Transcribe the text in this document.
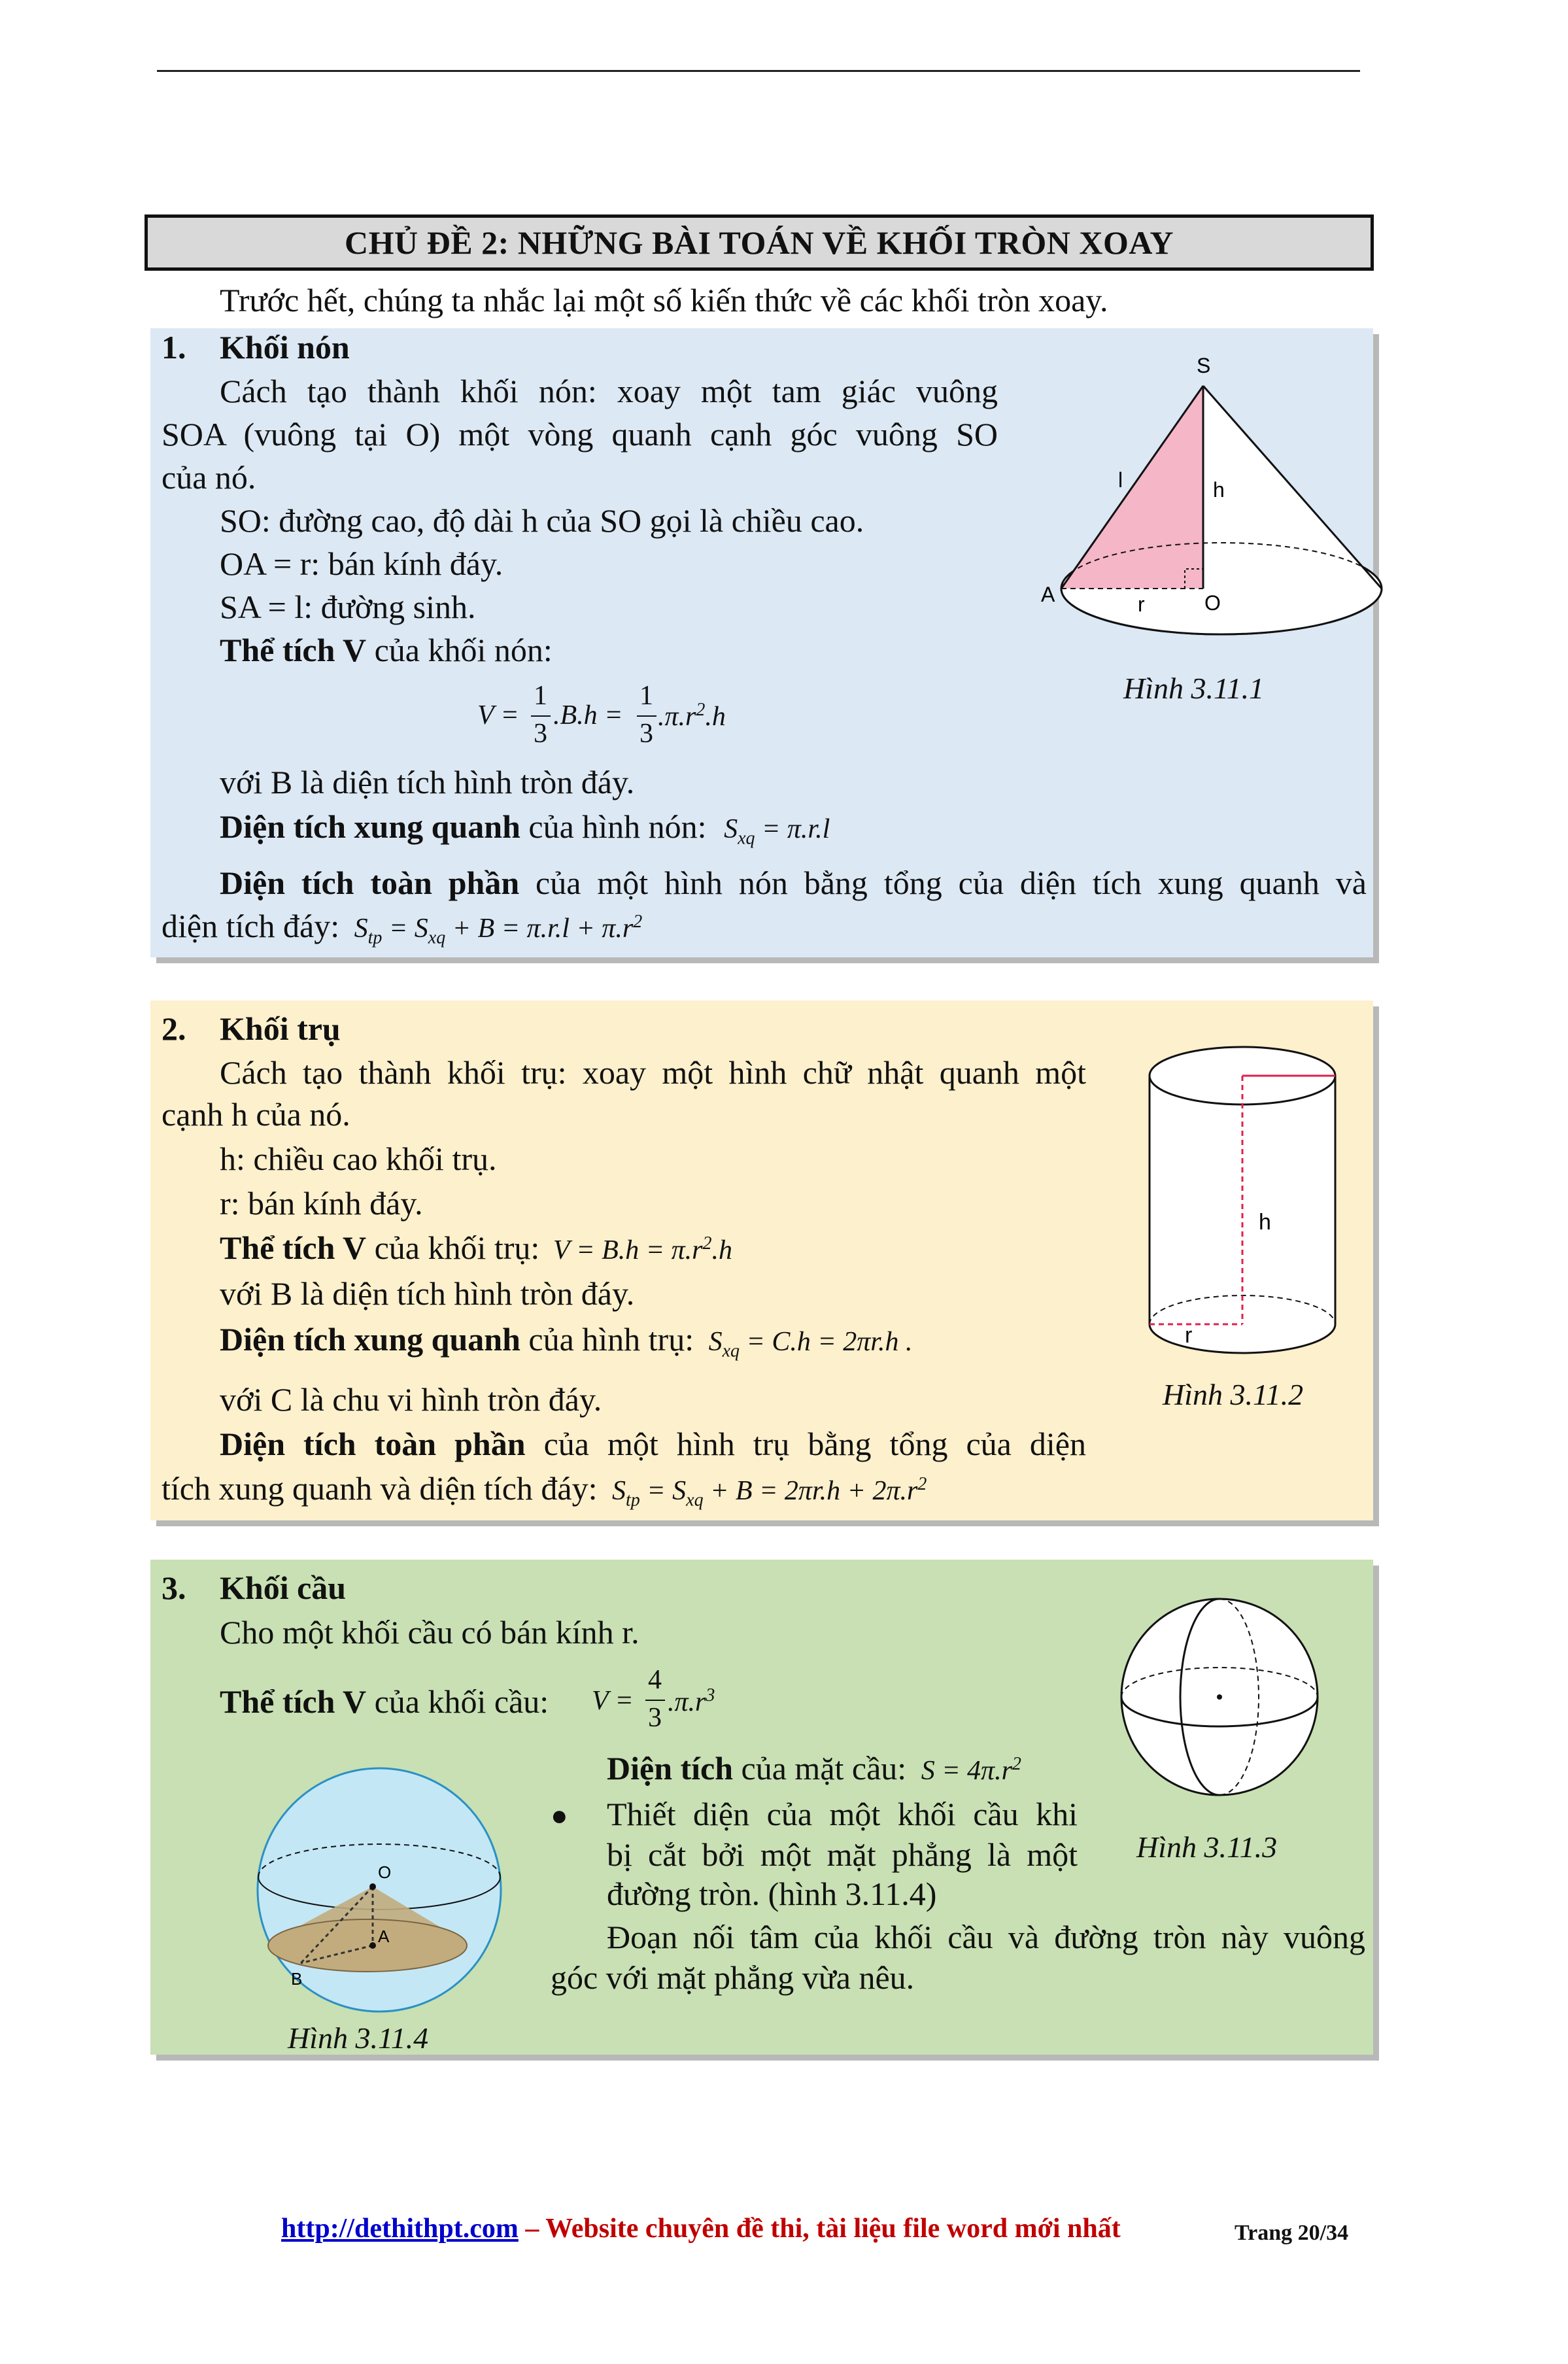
CHỦ ĐỀ 2: NHỮNG BÀI TOÁN VỀ KHỐI TRÒN XOAY
Trước hết, chúng ta nhắc lại một số kiến thức về các khối tròn xoay.
1. Khối nón
Cách tạo thành khối nón: xoay một tam giác vuông
SOA (vuông tại O) một vòng quanh cạnh góc vuông SO
của nó.
SO: đường cao, độ dài h của SO gọi là chiều cao.
OA = r: bán kính đáy.
SA = l: đường sinh.
Thể tích V của khối nón:
V =
1
3
.B.h =
1
3
$.\pi.r^2.h$
với B là diện tích hình tròn đáy.
Diện tích xung quanh của hình nón: $S_{xq} = \pi.r.l$
Diện tích toàn phần của một hình nón bằng tổng của diện tích xung quanh và
diện tích đáy: $S_{tp} = S_{xq} + B = \pi.r.l + \pi.r^2$
S
l	h
A	r	O
Hình 3.11.1
2. Khối trụ
Cách tạo thành khối trụ: xoay một hình chữ nhật quanh một
cạnh h của nó.
h: chiều cao khối trụ.
r: bán kính đáy.
Thể tích V của khối trụ: $V = B.h = \pi.r^2.h$
với B là diện tích hình tròn đáy.
Diện tích xung quanh của hình trụ: $S_{xq} = C.h = 2\pi r.h$ .
với C là chu vi hình tròn đáy.
Diện tích toàn phần của một hình trụ bằng tổng của diện
tích xung quanh và diện tích đáy: $S_{tp} = S_{xq} + B = 2\pi r.h + 2\pi.r^2$
h
r
Hình 3.11.2
3. Khối cầu
Cho một khối cầu có bán kính r.
Thể tích V của khối cầu: V =
4
3
$.\pi.r^3$
Diện tích của mặt cầu: $S = 4\pi.r^2$
● Thiết diện của một khối cầu khi
bị cắt bởi một mặt phẳng là một
đường tròn. (hình 3.11.4)
Đoạn nối tâm của khối cầu và đường tròn này vuông
góc với mặt phẳng vừa nêu.
Hình 3.11.3
O
A
B
Hình 3.11.4
http://dethithpt.com – Website chuyên đề thi, tài liệu file word mới nhất	Trang 20/34
